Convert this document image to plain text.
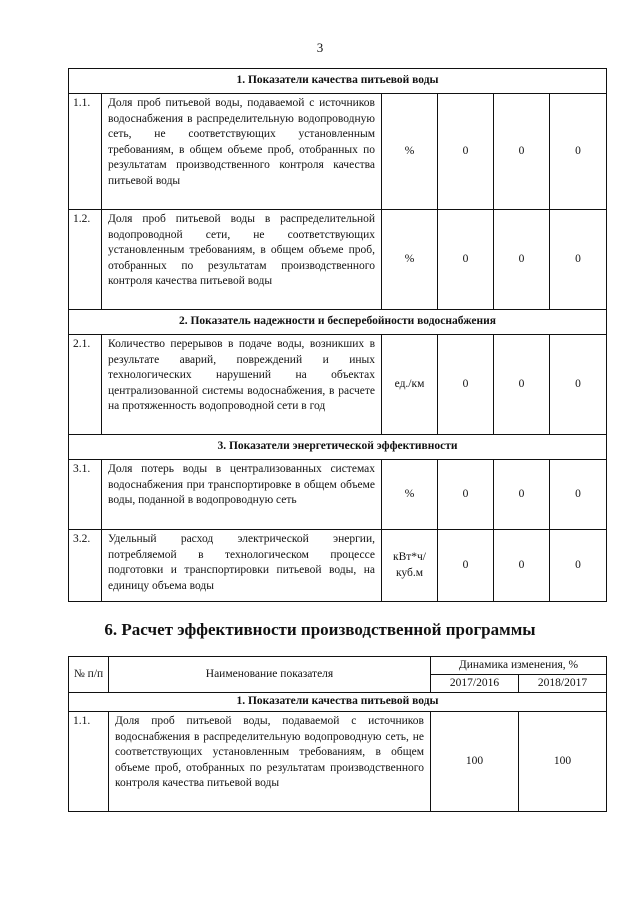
3
1. Показатели качества питьевой воды					
1.1.	Доля проб питьевой воды, подаваемой с источников водоснабжения в распределительную водопроводную сеть, не соответствующих установленным требованиям, в общем объеме проб, отобранных по результатам производственного контроля качества питьевой воды	%	0	0	0
1.2.	Доля проб питьевой воды в распределительной водопроводной сети, не соответствующих установленным требованиям, в общем объеме проб, отобранных по результатам производственного контроля качества питьевой воды	%	0	0	0
2. Показатель надежности и бесперебойности водоснабжения					
2.1.	Количество перерывов в подаче воды, возникших в результате аварий, повреждений и иных технологических нарушений на объектах централизованной системы водоснабжения, в расчете на протяженность водопроводной сети в год	ед./км	0	0	0
3. Показатели энергетической эффективности					
3.1.	Доля потерь воды в централизованных системах водоснабжения при транспортировке в общем объеме воды, поданной в водопроводную сеть	%	0	0	0
3.2.	Удельный расход электрической энергии, потребляемой в технологическом процессе подготовки и транспортировки питьевой воды, на единицу объема воды	кВт*ч/ куб.м	0	0	0
6. Расчет эффективности производственной программы
№ п/п	Наименование показателя	Динамика изменения, %	
		2017/2016	2018/2017
1. Показатели качества питьевой воды			
1.1.	Доля проб питьевой воды, подаваемой с источников водоснабжения в распределительную водопроводную сеть, не соответствующих установленным требованиям, в общем объеме проб, отобранных по результатам производственного контроля качества питьевой воды	100	100
